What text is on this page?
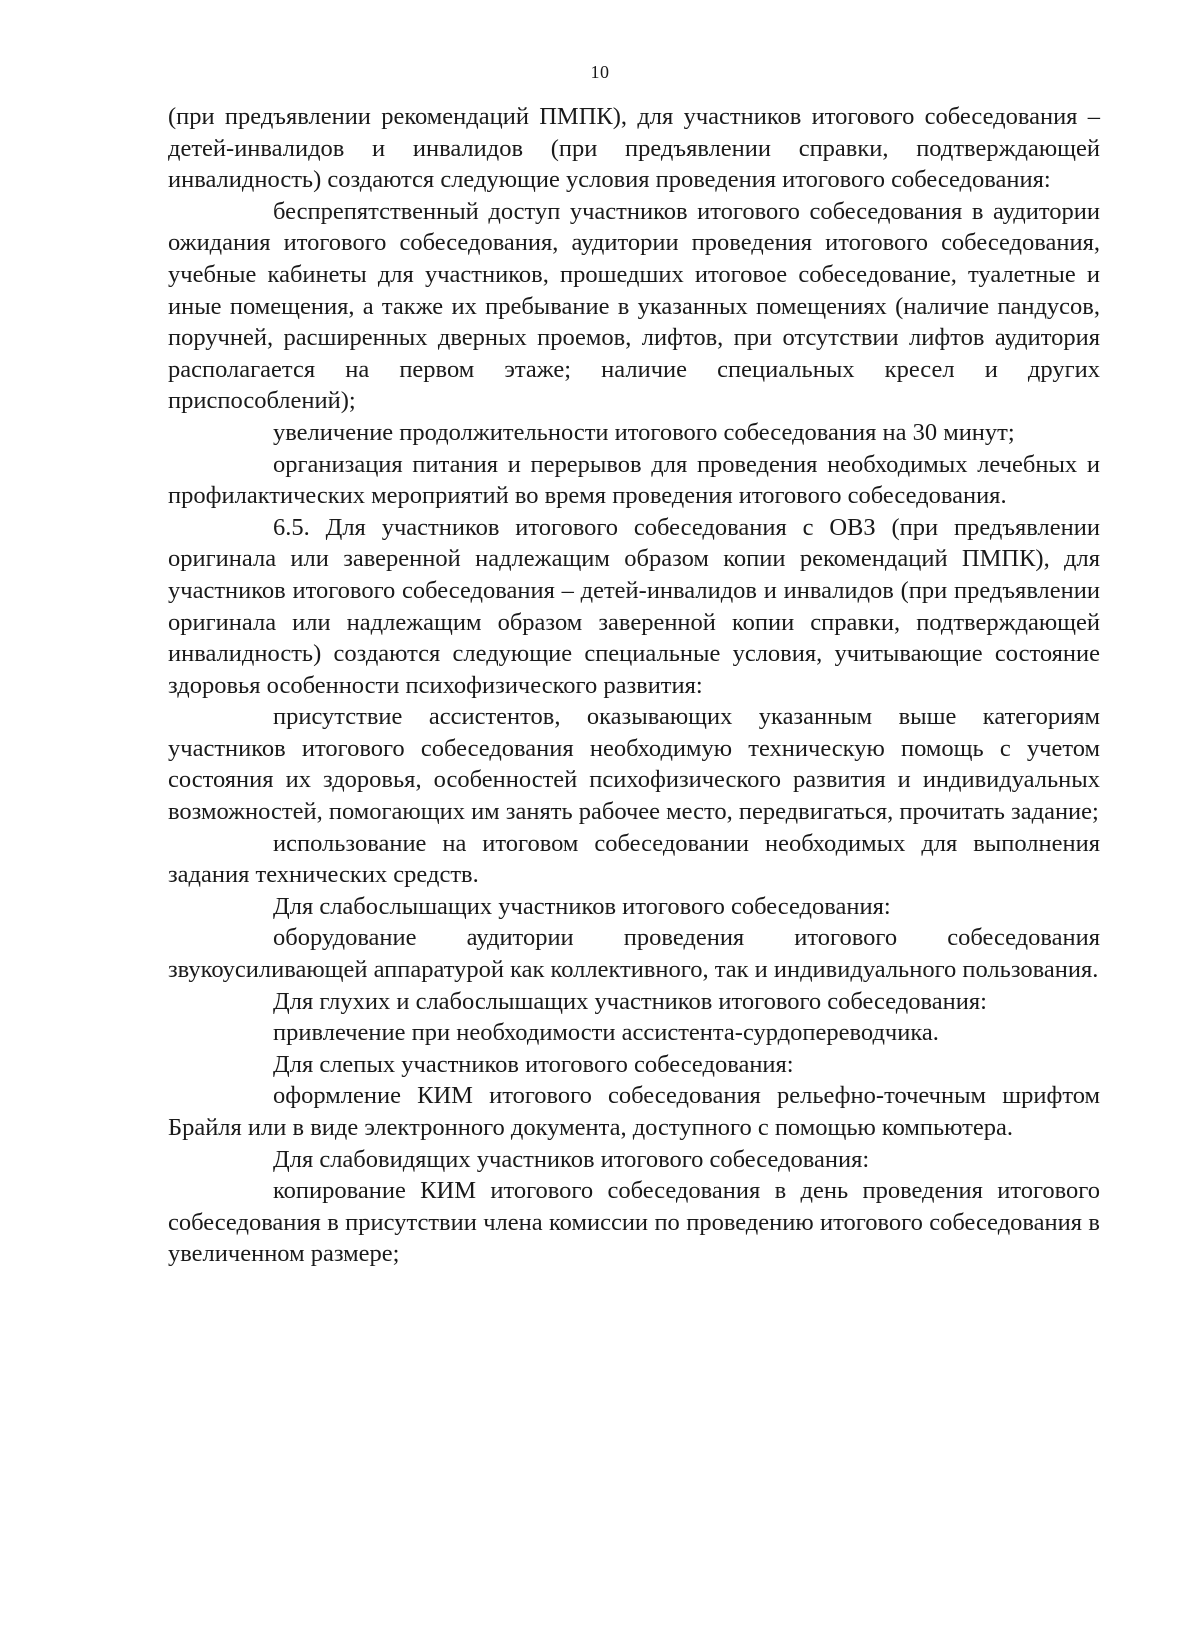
10

(при предъявлении рекомендаций ПМПК), для участников итогового собеседования – детей-инвалидов и инвалидов (при предъявлении справки, подтверждающей инвалидность) создаются следующие условия проведения итогового собеседования:

беспрепятственный доступ участников итогового собеседования в аудитории ожидания итогового собеседования, аудитории проведения итогового собеседования, учебные кабинеты для участников, прошедших итоговое собеседование, туалетные и иные помещения, а также их пребывание в указанных помещениях (наличие пандусов, поручней, расширенных дверных проемов, лифтов, при отсутствии лифтов аудитория располагается на первом этаже; наличие специальных кресел и других приспособлений);

увеличение продолжительности итогового собеседования на 30 минут;

организация питания и перерывов для проведения необходимых лечебных и профилактических мероприятий во время проведения итогового собеседования.

6.5. Для участников итогового собеседования с ОВЗ (при предъявлении оригинала или заверенной надлежащим образом копии рекомендаций ПМПК), для участников итогового собеседования – детей-инвалидов и инвалидов (при предъявлении оригинала или надлежащим образом заверенной копии справки, подтверждающей инвалидность) создаются следующие специальные условия, учитывающие состояние здоровья особенности психофизического развития:

присутствие ассистентов, оказывающих указанным выше категориям участников итогового собеседования необходимую техническую помощь с учетом состояния их здоровья, особенностей психофизического развития и индивидуальных возможностей, помогающих им занять рабочее место, передвигаться, прочитать задание;

использование на итоговом собеседовании необходимых для выполнения задания технических средств.

Для слабослышащих участников итогового собеседования:

оборудование аудитории проведения итогового собеседования звукоусиливающей аппаратурой как коллективного, так и индивидуального пользования.

Для глухих и слабослышащих участников итогового собеседования:

привлечение при необходимости ассистента-сурдопереводчика.

Для слепых участников итогового собеседования:

оформление КИМ итогового собеседования рельефно-точечным шрифтом Брайля или в виде электронного документа, доступного с помощью компьютера.

Для слабовидящих участников итогового собеседования:

копирование КИМ итогового собеседования в день проведения итогового собеседования в присутствии члена комиссии по проведению итогового собеседования в увеличенном размере;
